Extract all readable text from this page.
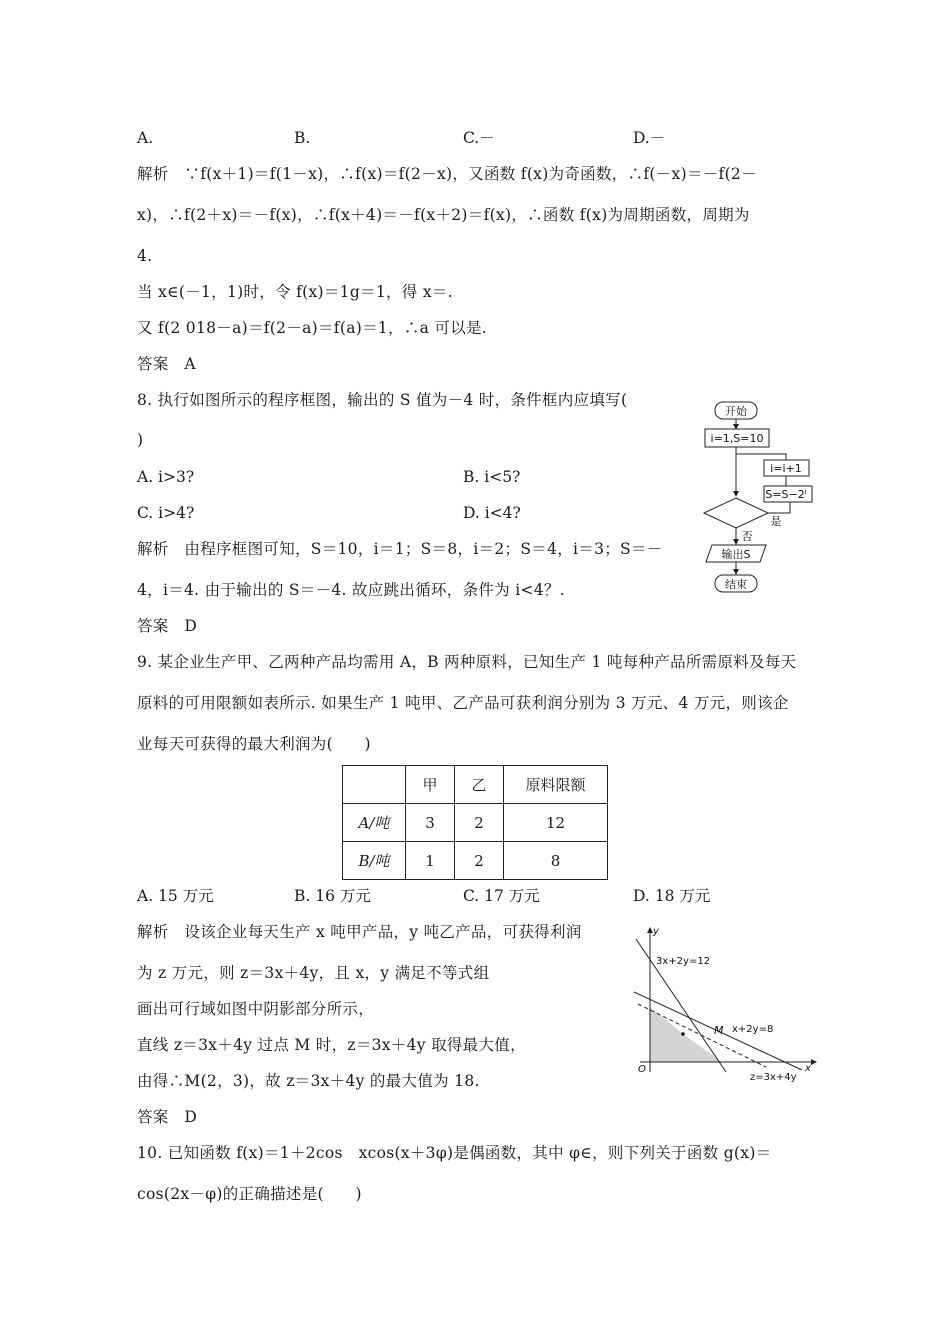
A.	B.	C.－	D.－
解析　∵f(x＋1)＝f(1－x)，∴f(x)＝f(2－x)，又函数 f(x)为奇函数，∴f(－x)＝－f(2－
x)，∴f(2＋x)＝－f(x)，∴f(x＋4)＝－f(x＋2)＝f(x)，∴函数 f(x)为周期函数，周期为
4.
当 x∈(－1，1)时，令 f(x)＝1g＝1，得 x＝.
又 f(2 018－a)＝f(2－a)＝f(a)＝1，∴a 可以是.
答案　A
8. 执行如图所示的程序框图，输出的 S 值为－4 时，条件框内应填写(
)
A. i>3?	B. i<5?
C. i>4?	D. i<4?
解析　由程序框图可知，S＝10，i＝1；S＝8，i＝2；S＝4，i＝3；S＝－
4，i＝4. 由于输出的 S＝－4. 故应跳出循环，条件为 i<4？.
答案　D
开始
i=1,S=10
i=i+1
$S=S-2^i$
是
否
输出S
结束
9. 某企业生产甲、乙两种产品均需用 A，B 两种原料，已知生产 1 吨每种产品所需原料及每天
原料的可用限额如表所示. 如果生产 1 吨甲、乙产品可获利润分别为 3 万元、4 万元，则该企
业每天可获得的最大利润为(　　)
	甲	乙	原料限额
A/吨	3	2	12
B/吨	1	2	8
A. 15 万元	B. 16 万元	C. 17 万元	D. 18 万元
解析　设该企业每天生产 x 吨甲产品，y 吨乙产品，可获得利润
为 z 万元，则 z＝3x＋4y，且 x，y 满足不等式组
画出可行域如图中阴影部分所示，
直线 z＝3x＋4y 过点 M 时，z＝3x＋4y 取得最大值，
由得∴M(2，3)，故 z＝3x＋4y 的最大值为 18.
答案　D
y
x
O
3x+2y=12
x+2y=8
M
z=3x+4y
10. 已知函数 f(x)＝1＋2cos　xcos(x＋3φ)是偶函数，其中 φ∈，则下列关于函数 g(x)＝
cos(2x－φ)的正确描述是(　　)
